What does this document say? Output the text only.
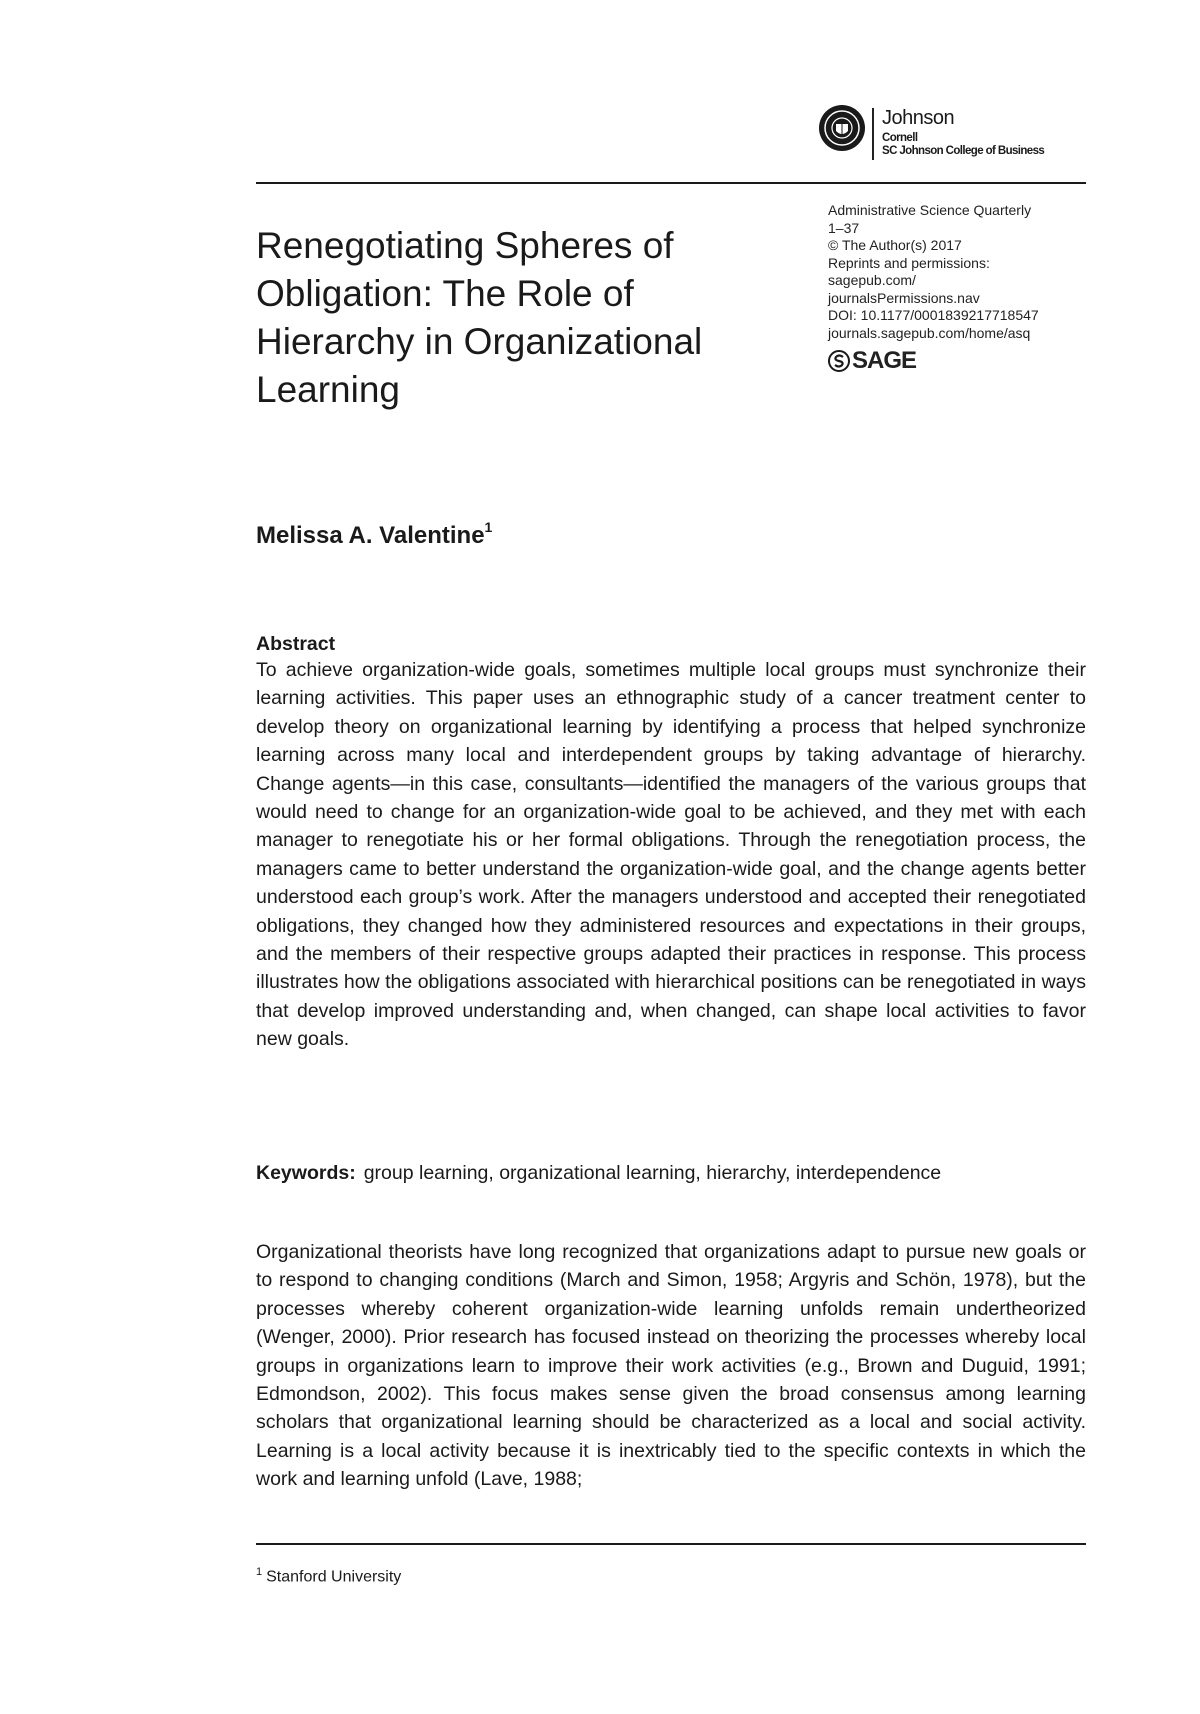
Johnson
Cornell
SC Johnson College of Business
Renegotiating Spheres of Obligation: The Role of Hierarchy in Organizational Learning
Administrative Science Quarterly
1–37
© The Author(s) 2017
Reprints and permissions:
sagepub.com/
journalsPermissions.nav
DOI: 10.1177/0001839217718547
journals.sagepub.com/home/asq
SAGE
Melissa A. Valentine$^1$
Abstract

To achieve organization-wide goals, sometimes multiple local groups must synchronize their learning activities. This paper uses an ethnographic study of a cancer treatment center to develop theory on organizational learning by identifying a process that helped synchronize learning across many local and interdependent groups by taking advantage of hierarchy. Change agents—in this case, consultants—identified the managers of the various groups that would need to change for an organization-wide goal to be achieved, and they met with each manager to renegotiate his or her formal obligations. Through the renegotiation process, the managers came to better understand the organization-wide goal, and the change agents better understood each group’s work. After the managers understood and accepted their renegotiated obligations, they changed how they administered resources and expectations in their groups, and the members of their respective groups adapted their practices in response. This process illustrates how the obligations associated with hierarchical positions can be renegotiated in ways that develop improved understanding and, when changed, can shape local activities to favor new goals.

Keywords: group learning, organizational learning, hierarchy, interdependence

Organizational theorists have long recognized that organizations adapt to pursue new goals or to respond to changing conditions (March and Simon, 1958; Argyris and Schön, 1978), but the processes whereby coherent organization-wide learning unfolds remain undertheorized (Wenger, 2000). Prior research has focused instead on theorizing the processes whereby local groups in organizations learn to improve their work activities (e.g., Brown and Duguid, 1991; Edmondson, 2002). This focus makes sense given the broad consensus among learning scholars that organizational learning should be characterized as a local and social activity. Learning is a local activity because it is inextricably tied to the specific contexts in which the work and learning unfold (Lave, 1988;

$^1$ Stanford University
